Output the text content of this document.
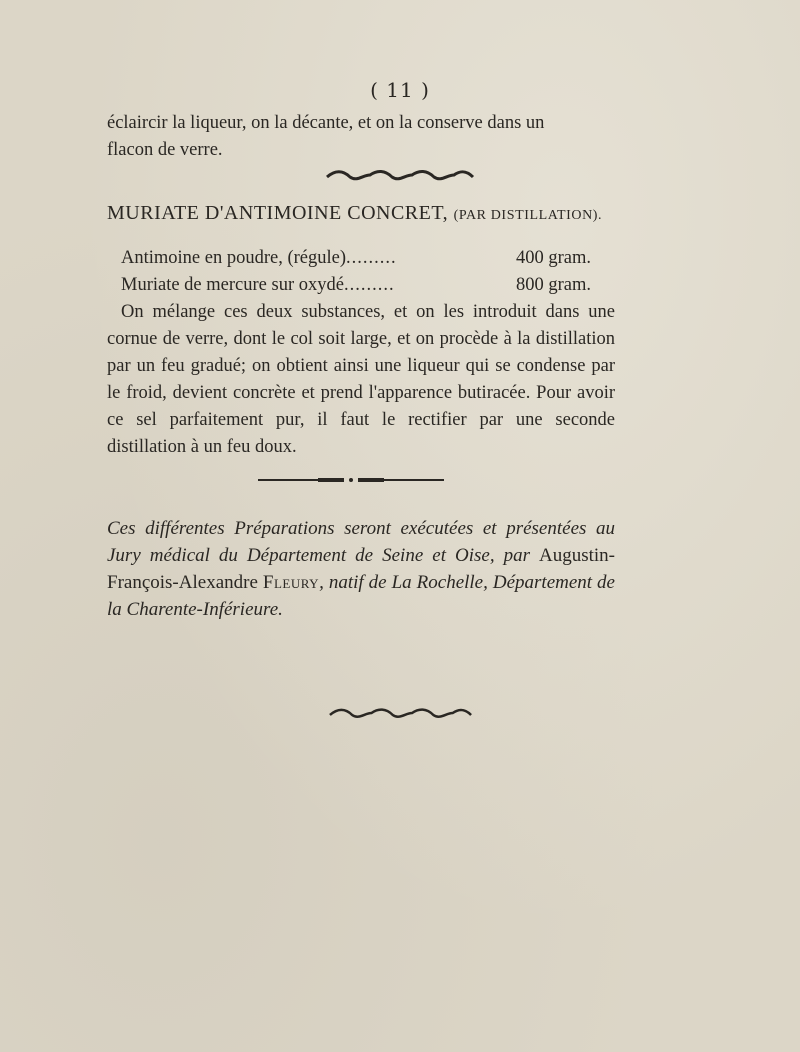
( 11 )

éclaircir la liqueur, on la décante, et on la conserve dans un

flacon de verre.

MURIATE D'ANTIMOINE CONCRET, (PAR DISTILLATION).
Antimoine en poudre, (régule).........	400 gram.
Muriate de mercure sur oxydé.........	800 gram.

On mélange ces deux substances, et on les introduit dans une cornue de verre, dont le col soit large, et on procède à la distillation par un feu gradué; on obtient ainsi une liqueur qui se condense par le froid, devient concrète et prend l'apparence butiracée. Pour avoir ce sel parfaitement pur, il faut le rectifier par une seconde distillation à un feu doux.

Ces différentes Préparations seront exécutées et présentées au Jury médical du Département de Seine et Oise, par Augustin-François-Alexandre Fleury, natif de La Rochelle, Département de la Charente-Inférieure.
